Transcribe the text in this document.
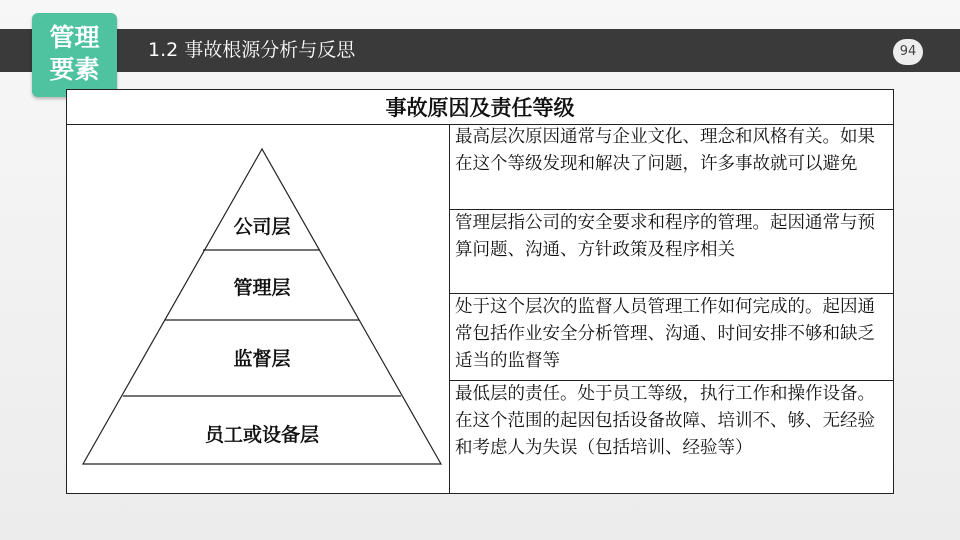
管理
要素
1.2 事故根源分析与反思	94
事故原因及责任等级
公司层
管理层
监督层
员工或设备层
最高层次原因通常与企业文化、理念和风格有关。如果在这个等级发现和解决了问题，许多事故就可以避免
管理层指公司的安全要求和程序的管理。起因通常与预算问题、沟通、方针政策及程序相关
处于这个层次的监督人员管理工作如何完成的。起因通常包括作业安全分析管理、沟通、时间安排不够和缺乏适当的监督等
最低层的责任。处于员工等级，执行工作和操作设备。在这个范围的起因包括设备故障、培训不、够、无经验和考虑人为失误（包括培训、经验等）
